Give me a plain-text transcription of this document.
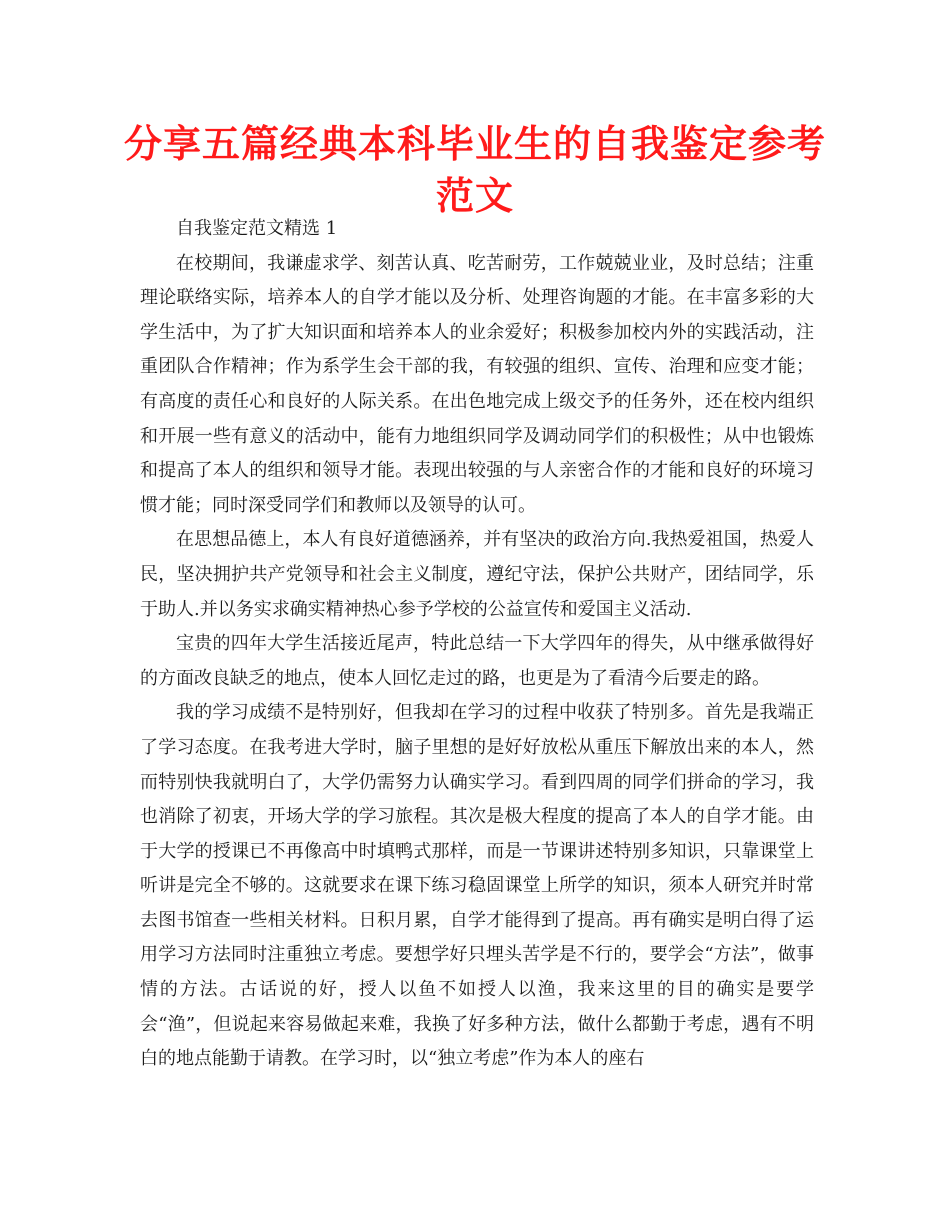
分享五篇经典本科毕业生的自我鉴定参考范文

自我鉴定范文精选 1

在校期间，我谦虚求学、刻苦认真、吃苦耐劳，工作兢兢业业，及时总结；注重理论联络实际，培养本人的自学才能以及分析、处理咨询题的才能。在丰富多彩的大学生活中，为了扩大知识面和培养本人的业余爱好；积极参加校内外的实践活动，注重团队合作精神；作为系学生会干部的我，有较强的组织、宣传、治理和应变才能；有高度的责任心和良好的人际关系。在出色地完成上级交予的任务外，还在校内组织和开展一些有意义的活动中，能有力地组织同学及调动同学们的积极性；从中也锻炼和提高了本人的组织和领导才能。表现出较强的与人亲密合作的才能和良好的环境习惯才能；同时深受同学们和教师以及领导的认可。

在思想品德上，本人有良好道德涵养，并有坚决的政治方向.我热爱祖国，热爱人民，坚决拥护共产党领导和社会主义制度，遵纪守法，保护公共财产，团结同学，乐于助人.并以务实求确实精神热心参予学校的公益宣传和爱国主义活动.

宝贵的四年大学生活接近尾声，特此总结一下大学四年的得失，从中继承做得好的方面改良缺乏的地点，使本人回忆走过的路，也更是为了看清今后要走的路。

我的学习成绩不是特别好，但我却在学习的过程中收获了特别多。首先是我端正了学习态度。在我考进大学时，脑子里想的是好好放松从重压下解放出来的本人，然而特别快我就明白了，大学仍需努力认确实学习。看到四周的同学们拼命的学习，我也消除了初衷，开场大学的学习旅程。其次是极大程度的提高了本人的自学才能。由于大学的授课已不再像高中时填鸭式那样，而是一节课讲述特别多知识，只靠课堂上听讲是完全不够的。这就要求在课下练习稳固课堂上所学的知识，须本人研究并时常去图书馆查一些相关材料。日积月累，自学才能得到了提高。再有确实是明白得了运用学习方法同时注重独立考虑。要想学好只埋头苦学是不行的，要学会“方法”，做事情的方法。古话说的好，授人以鱼不如授人以渔，我来这里的目的确实是要学会“渔”，但说起来容易做起来难，我换了好多种方法，做什么都勤于考虑，遇有不明白的地点能勤于请教。在学习时，以“独立考虑”作为本人的座右
